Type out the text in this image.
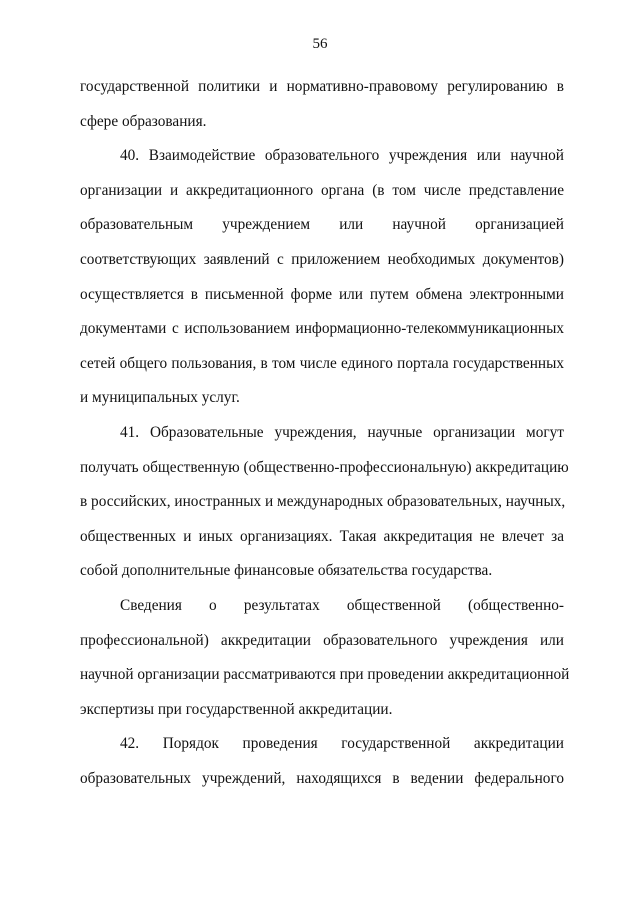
56
государственной политики и нормативно-правовому регулированию в
сфере образования.
40. Взаимодействие образовательного учреждения или научной
организации и аккредитационного органа (в том числе представление
образовательным учреждением или научной организацией
соответствующих заявлений с приложением необходимых документов)
осуществляется в письменной форме или путем обмена электронными
документами с использованием информационно-телекоммуникационных
сетей общего пользования, в том числе единого портала государственных
и муниципальных услуг.
41. Образовательные учреждения, научные организации могут
получать общественную (общественно-профессиональную) аккредитацию
в российских, иностранных и международных образовательных, научных,
общественных и иных организациях. Такая аккредитация не влечет за
собой дополнительные финансовые обязательства государства.
Сведения о результатах общественной (общественно-
профессиональной) аккредитации образовательного учреждения или
научной организации рассматриваются при проведении аккредитационной
экспертизы при государственной аккредитации.
42. Порядок проведения государственной аккредитации
образовательных учреждений, находящихся в ведении федерального
